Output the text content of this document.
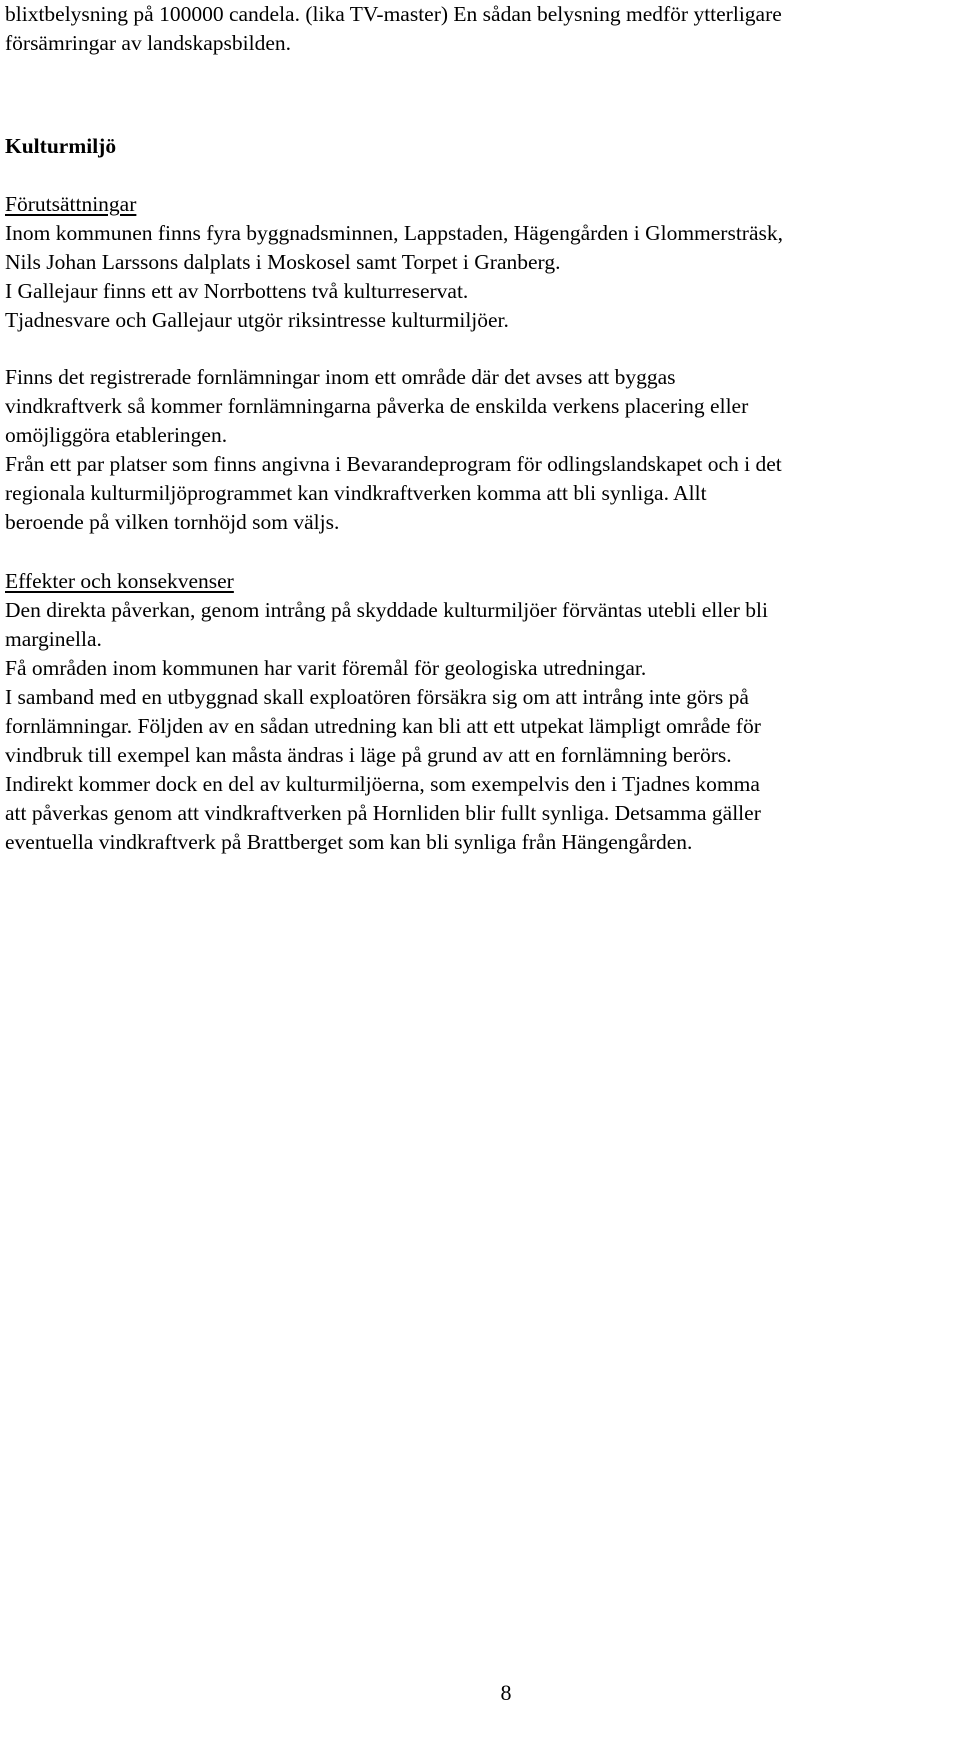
blixtbelysning på 100000 candela. (lika TV-master) En sådan belysning medför ytterligare
försämringar av landskapsbilden.
Kulturmiljö
Förutsättningar
Inom kommunen finns fyra byggnadsminnen, Lappstaden, Hägengården i Glommersträsk,
Nils Johan Larssons dalplats i Moskosel samt Torpet i Granberg.
I Gallejaur finns ett av Norrbottens två kulturreservat.
Tjadnesvare och Gallejaur utgör riksintresse kulturmiljöer.
Finns det registrerade fornlämningar inom ett område där det avses att byggas
vindkraftverk så kommer fornlämningarna påverka de enskilda verkens placering eller
omöjliggöra etableringen.
Från ett par platser som finns angivna i Bevarandeprogram för odlingslandskapet och i det
regionala kulturmiljöprogrammet kan vindkraftverken komma att bli synliga. Allt
beroende på vilken tornhöjd som väljs.
Effekter och konsekvenser
Den direkta påverkan, genom intrång på skyddade kulturmiljöer förväntas utebli eller bli
marginella.
Få områden inom kommunen har varit föremål för geologiska utredningar.
I samband med en utbyggnad skall exploatören försäkra sig om att intrång inte görs på
fornlämningar. Följden av en sådan utredning kan bli att ett utpekat lämpligt område för
vindbruk till exempel kan måsta ändras i läge på grund av att en fornlämning berörs.
Indirekt kommer dock en del av kulturmiljöerna, som exempelvis den i Tjadnes komma
att påverkas genom att vindkraftverken på Hornliden blir fullt synliga. Detsamma gäller
eventuella vindkraftverk på Brattberget som kan bli synliga från Hängengården.
8
